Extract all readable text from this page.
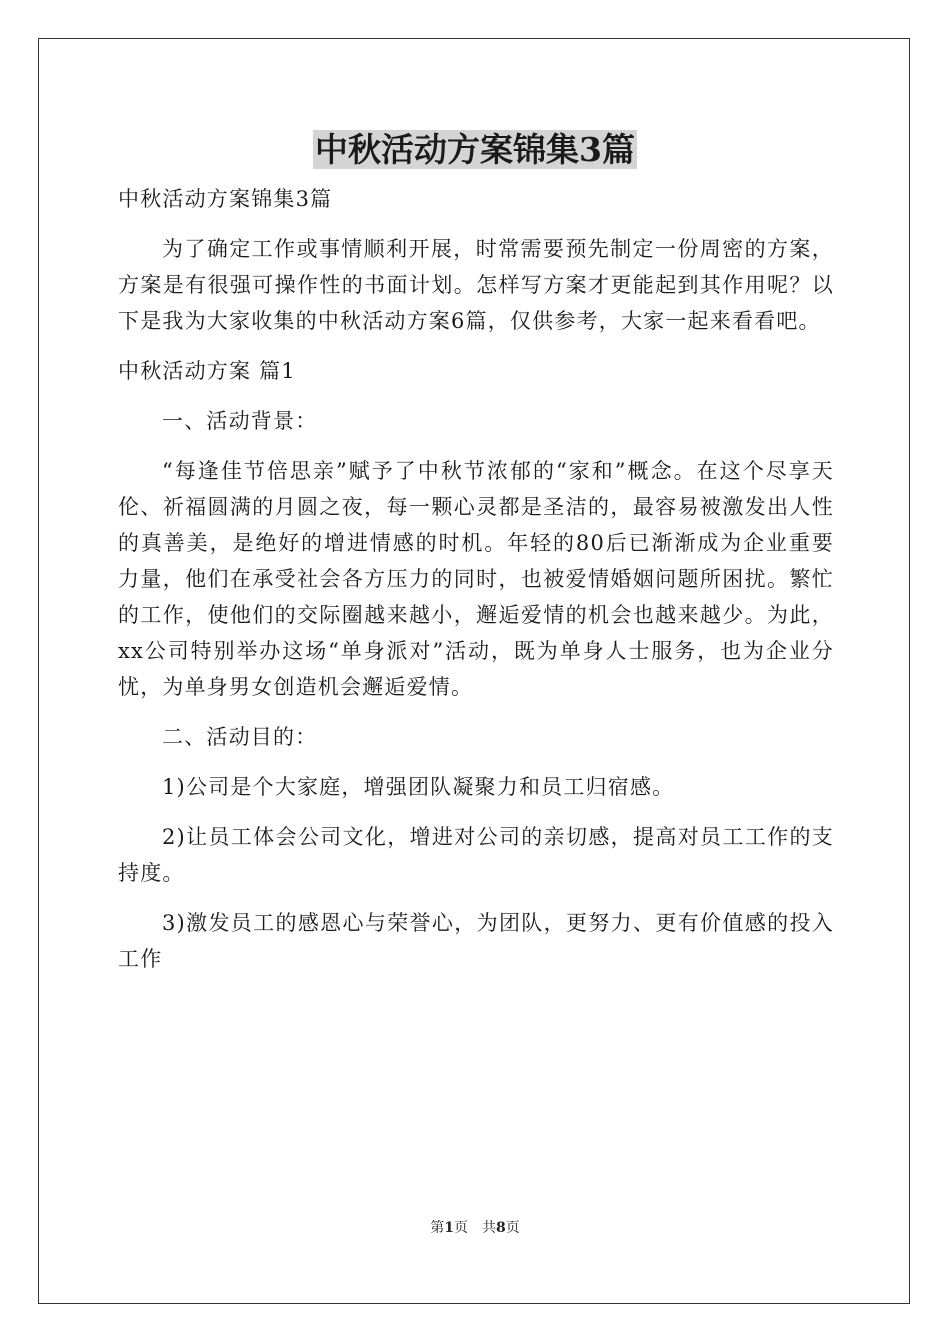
中秋活动方案锦集3篇

中秋活动方案锦集3篇

为了确定工作或事情顺利开展，时常需要预先制定一份周密的方案，方案是有很强可操作性的书面计划。怎样写方案才更能起到其作用呢？以下是我为大家收集的中秋活动方案6篇，仅供参考，大家一起来看看吧。

中秋活动方案 篇1

一、活动背景：

“每逢佳节倍思亲”赋予了中秋节浓郁的“家和”概念。在这个尽享天伦、祈福圆满的月圆之夜，每一颗心灵都是圣洁的，最容易被激发出人性的真善美，是绝好的增进情感的时机。年轻的80后已渐渐成为企业重要力量，他们在承受社会各方压力的同时，也被爱情婚姻问题所困扰。繁忙的工作，使他们的交际圈越来越小，邂逅爱情的机会也越来越少。为此，xx公司特别举办这场“单身派对”活动，既为单身人士服务，也为企业分忧，为单身男女创造机会邂逅爱情。

二、活动目的：

1)公司是个大家庭，增强团队凝聚力和员工归宿感。

2)让员工体会公司文化，增进对公司的亲切感，提高对员工工作的支持度。

3)激发员工的感恩心与荣誉心，为团队，更努力、更有价值感的投入工作

第1页 共8页
